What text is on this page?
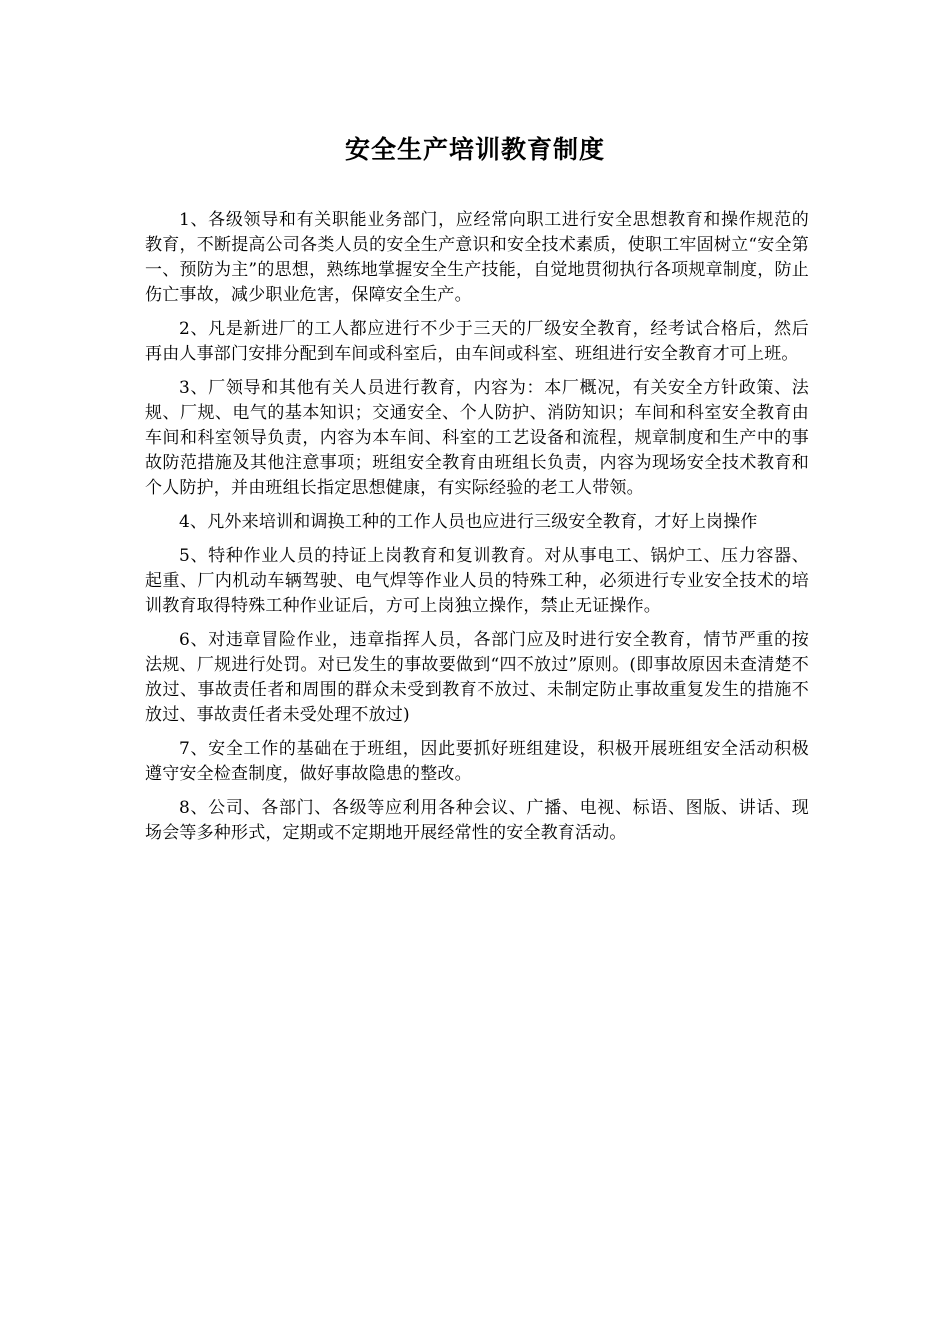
安全生产培训教育制度

1、各级领导和有关职能业务部门，应经常向职工进行安全思想教育和操作规范的教育，不断提高公司各类人员的安全生产意识和安全技术素质，使职工牢固树立“安全第一、预防为主”的思想，熟练地掌握安全生产技能，自觉地贯彻执行各项规章制度，防止伤亡事故，减少职业危害，保障安全生产。

2、凡是新进厂的工人都应进行不少于三天的厂级安全教育，经考试合格后，然后再由人事部门安排分配到车间或科室后，由车间或科室、班组进行安全教育才可上班。

3、厂领导和其他有关人员进行教育，内容为：本厂概况，有关安全方针政策、法规、厂规、电气的基本知识；交通安全、个人防护、消防知识；车间和科室安全教育由车间和科室领导负责，内容为本车间、科室的工艺设备和流程，规章制度和生产中的事故防范措施及其他注意事项；班组安全教育由班组长负责，内容为现场安全技术教育和个人防护，并由班组长指定思想健康，有实际经验的老工人带领。

4、凡外来培训和调换工种的工作人员也应进行三级安全教育，才好上岗操作

5、特种作业人员的持证上岗教育和复训教育。对从事电工、锅炉工、压力容器、起重、厂内机动车辆驾驶、电气焊等作业人员的特殊工种，必须进行专业安全技术的培训教育取得特殊工种作业证后，方可上岗独立操作，禁止无证操作。

6、对违章冒险作业，违章指挥人员，各部门应及时进行安全教育，情节严重的按法规、厂规进行处罚。对已发生的事故要做到“四不放过”原则。(即事故原因未查清楚不放过、事故责任者和周围的群众未受到教育不放过、未制定防止事故重复发生的措施不放过、事故责任者未受处理不放过)

7、安全工作的基础在于班组，因此要抓好班组建设，积极开展班组安全活动积极遵守安全检查制度，做好事故隐患的整改。

8、公司、各部门、各级等应利用各种会议、广播、电视、标语、图版、讲话、现场会等多种形式，定期或不定期地开展经常性的安全教育活动。
